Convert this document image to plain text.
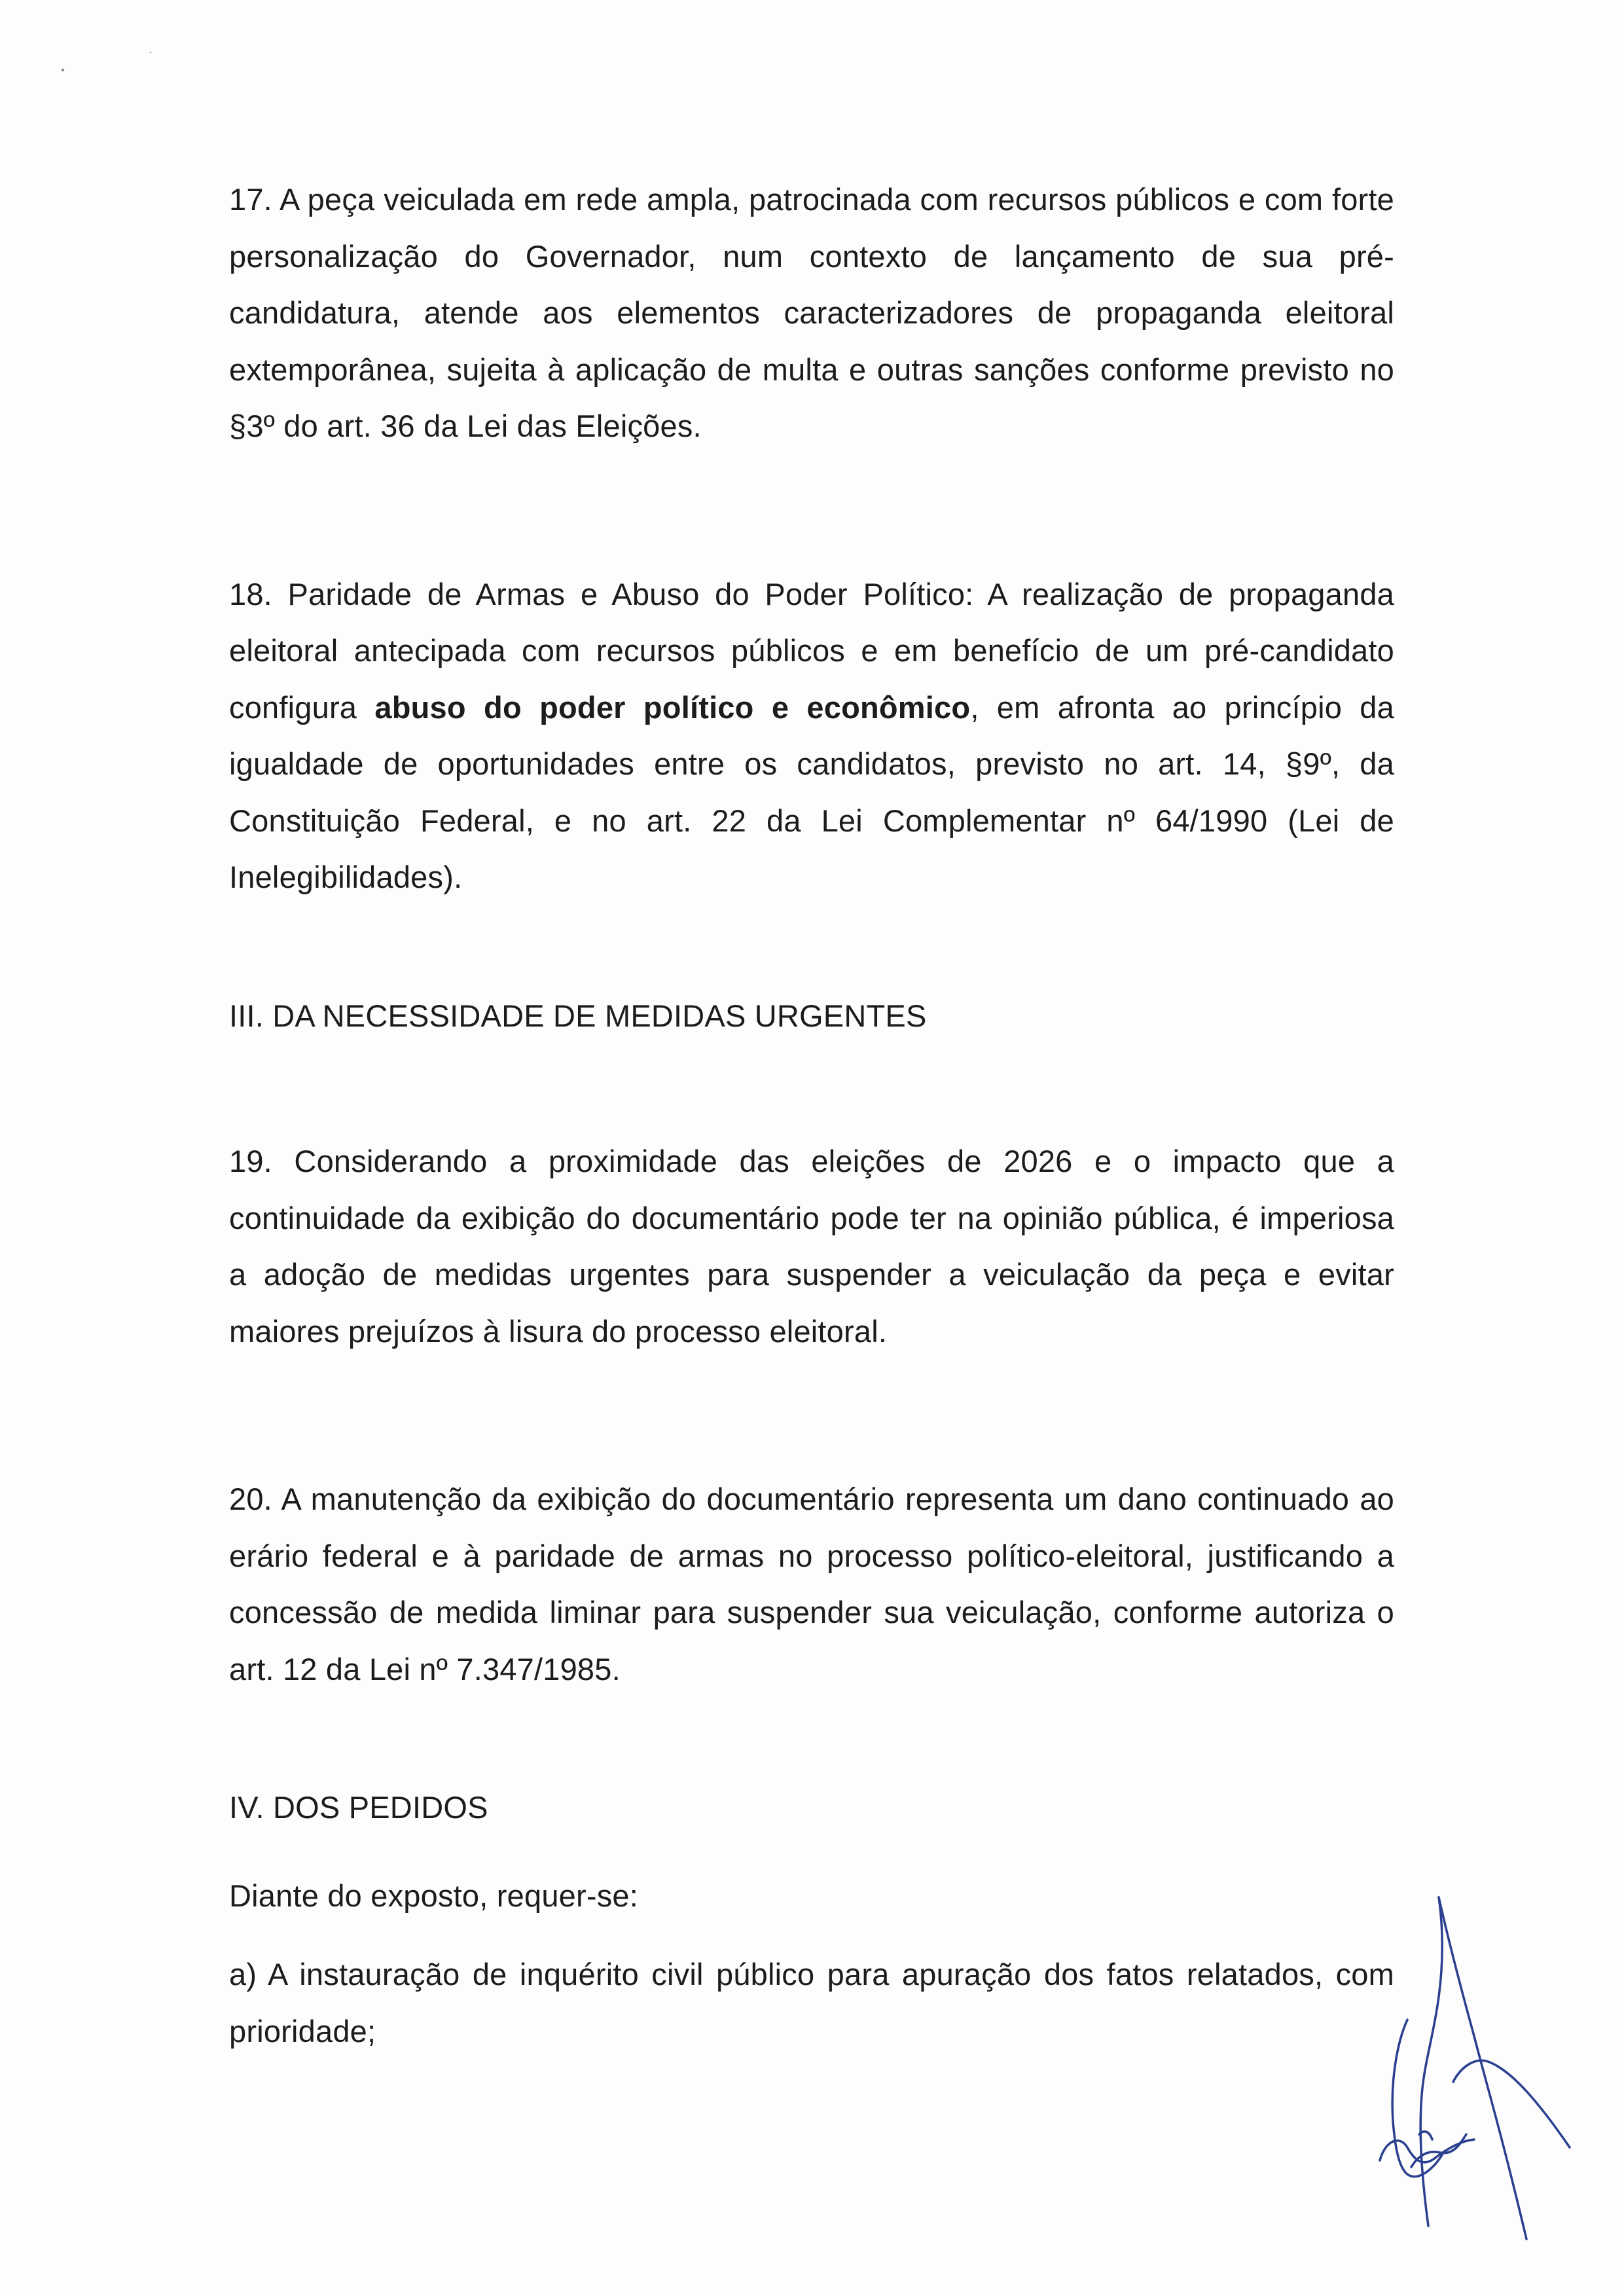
17. A peça veiculada em rede ampla, patrocinada com recursos públicos e com forte personalização do Governador, num contexto de lançamento de sua pré-candidatura, atende aos elementos caracterizadores de propaganda eleitoral extemporânea, sujeita à aplicação de multa e outras sanções conforme previsto no §3º do art. 36 da Lei das Eleições.

18. Paridade de Armas e Abuso do Poder Político: A realização de propaganda eleitoral antecipada com recursos públicos e em benefício de um pré-candidato configura abuso do poder político e econômico, em afronta ao princípio da igualdade de oportunidades entre os candidatos, previsto no art. 14, §9º, da Constituição Federal, e no art. 22 da Lei Complementar nº 64/1990 (Lei de Inelegibilidades).

III. DA NECESSIDADE DE MEDIDAS URGENTES

19. Considerando a proximidade das eleições de 2026 e o impacto que a continuidade da exibição do documentário pode ter na opinião pública, é imperiosa a adoção de medidas urgentes para suspender a veiculação da peça e evitar maiores prejuízos à lisura do processo eleitoral.

20. A manutenção da exibição do documentário representa um dano continuado ao erário federal e à paridade de armas no processo político-eleitoral, justificando a concessão de medida liminar para suspender sua veiculação, conforme autoriza o art. 12 da Lei nº 7.347/1985.

IV. DOS PEDIDOS

Diante do exposto, requer-se:

a) A instauração de inquérito civil público para apuração dos fatos relatados, com prioridade;
